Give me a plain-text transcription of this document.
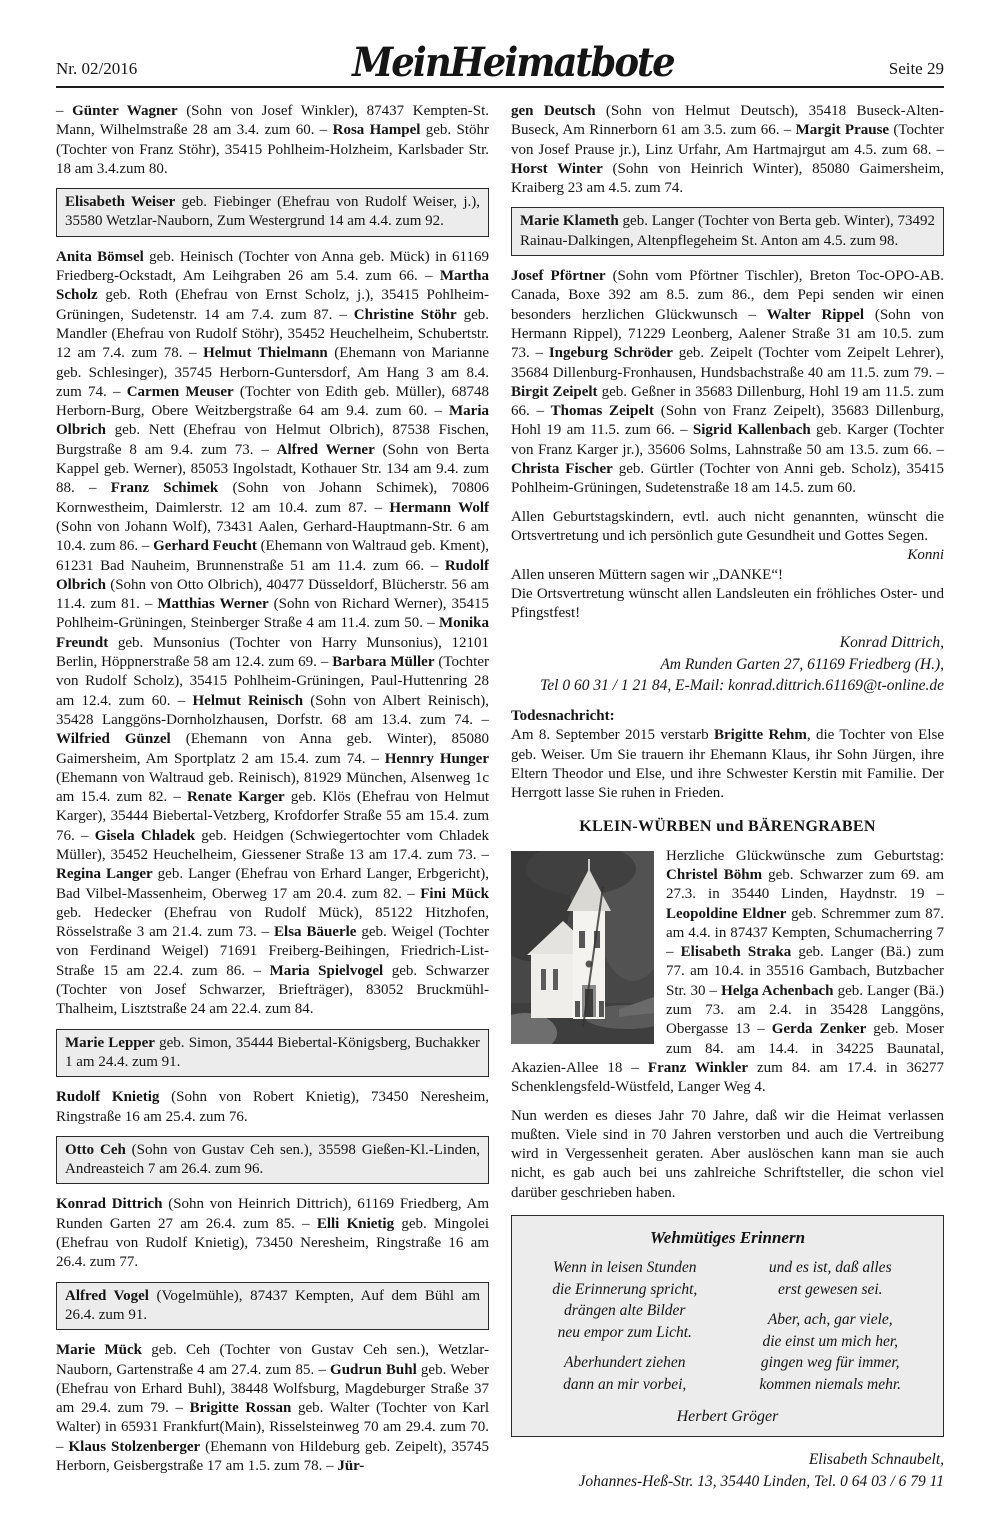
Nr. 02/2016	MeinHeimatbote	Seite 29

– Günter Wagner (Sohn von Josef Winkler), 87437 Kempten-St. Mann, Wilhelmstraße 28 am 3.4. zum 60. – Rosa Hampel geb. Stöhr (Tochter von Franz Stöhr), 35415 Pohlheim-Holzheim, Karlsbader Str. 18 am 3.4.zum 80.

Elisabeth Weiser geb. Fiebinger (Ehefrau von Rudolf Weiser, j.), 35580 Wetzlar-Nauborn, Zum Westergrund 14 am 4.4. zum 92.

Anita Bömsel geb. Heinisch (Tochter von Anna geb. Mück) in 61169 Friedberg-Ockstadt, Am Leihgraben 26 am 5.4. zum 66. – Martha Scholz geb. Roth (Ehefrau von Ernst Scholz, j.), 35415 Pohlheim-Grüningen, Sudetenstr. 14 am 7.4. zum 87. – Christine Stöhr geb. Mandler (Ehefrau von Rudolf Stöhr), 35452 Heuchelheim, Schubertstr. 12 am 7.4. zum 78. – Helmut Thielmann (Ehemann von Marianne geb. Schlesinger), 35745 Herborn-Guntersdorf, Am Hang 3 am 8.4. zum 74. – Carmen Meuser (Tochter von Edith geb. Müller), 68748 Herborn-Burg, Obere Weitzbergstraße 64 am 9.4. zum 60. – Maria Olbrich geb. Nett (Ehefrau von Helmut Olbrich), 87538 Fischen, Burgstraße 8 am 9.4. zum 73. – Alfred Werner (Sohn von Berta Kappel geb. Werner), 85053 Ingolstadt, Kothauer Str. 134 am 9.4. zum 88. – Franz Schimek (Sohn von Johann Schimek), 70806 Kornwestheim, Daimlerstr. 12 am 10.4. zum 87. – Hermann Wolf (Sohn von Johann Wolf), 73431 Aalen, Gerhard-Hauptmann-Str. 6 am 10.4. zum 86. – Gerhard Feucht (Ehemann von Waltraud geb. Kment), 61231 Bad Nauheim, Brunnenstraße 51 am 11.4. zum 66. – Rudolf Olbrich (Sohn von Otto Olbrich), 40477 Düsseldorf, Blücherstr. 56 am 11.4. zum 81. – Matthias Werner (Sohn von Richard Werner), 35415 Pohlheim-Grüningen, Steinberger Straße 4 am 11.4. zum 50. – Monika Freundt geb. Munsonius (Tochter von Harry Munsonius), 12101 Berlin, Höppnerstraße 58 am 12.4. zum 69. – Barbara Müller (Tochter von Rudolf Scholz), 35415 Pohlheim-Grüningen, Paul-Huttenring 28 am 12.4. zum 60. – Helmut Reinisch (Sohn von Albert Reinisch), 35428 Langgöns-Dornholzhausen, Dorfstr. 68 am 13.4. zum 74. – Wilfried Günzel (Ehemann von Anna geb. Winter), 85080 Gaimersheim, Am Sportplatz 2 am 15.4. zum 74. – Hennry Hunger (Ehemann von Waltraud geb. Reinisch), 81929 München, Alsenweg 1c am 15.4. zum 82. – Renate Karger geb. Klös (Ehefrau von Helmut Karger), 35444 Biebertal-Vetzberg, Krofdorfer Straße 55 am 15.4. zum 76. – Gisela Chladek geb. Heidgen (Schwiegertochter vom Chladek Müller), 35452 Heuchelheim, Giessener Straße 13 am 17.4. zum 73. – Regina Langer geb. Langer (Ehefrau von Erhard Langer, Erbgericht), Bad Vilbel-Massenheim, Oberweg 17 am 20.4. zum 82. – Fini Mück geb. Hedecker (Ehefrau von Rudolf Mück), 85122 Hitzhofen, Rösselstraße 3 am 21.4. zum 73. – Elsa Bäuerle geb. Weigel (Tochter von Ferdinand Weigel) 71691 Freiberg-Beihingen, Friedrich-List-Straße 15 am 22.4. zum 86. – Maria Spielvogel geb. Schwarzer (Tochter von Josef Schwarzer, Briefträger), 83052 Bruckmühl-Thalheim, Lisztstraße 24 am 22.4. zum 84.

Marie Lepper geb. Simon, 35444 Biebertal-Königsberg, Buchakker 1 am 24.4. zum 91.

Rudolf Knietig (Sohn von Robert Knietig), 73450 Neresheim, Ringstraße 16 am 25.4. zum 76.

Otto Ceh (Sohn von Gustav Ceh sen.), 35598 Gießen-Kl.-Linden, Andreasteich 7 am 26.4. zum 96.

Konrad Dittrich (Sohn von Heinrich Dittrich), 61169 Friedberg, Am Runden Garten 27 am 26.4. zum 85. – Elli Knietig geb. Mingolei (Ehefrau von Rudolf Knietig), 73450 Neresheim, Ringstraße 16 am 26.4. zum 77.

Alfred Vogel (Vogelmühle), 87437 Kempten, Auf dem Bühl am 26.4. zum 91.

Marie Mück geb. Ceh (Tochter von Gustav Ceh sen.), Wetzlar-Nauborn, Gartenstraße 4 am 27.4. zum 85. – Gudrun Buhl geb. Weber (Ehefrau von Erhard Buhl), 38448 Wolfsburg, Magdeburger Straße 37 am 29.4. zum 79. – Brigitte Rossan geb. Walter (Tochter von Karl Walter) in 65931 Frankfurt(Main), Risselsteinweg 70 am 29.4. zum 70. – Klaus Stolzenberger (Ehemann von Hildeburg geb. Zeipelt), 35745 Herborn, Geisbergstraße 17 am 1.5. zum 78. – Jür-

gen Deutsch (Sohn von Helmut Deutsch), 35418 Buseck-Alten-Buseck, Am Rinnerborn 61 am 3.5. zum 66. – Margit Prause (Tochter von Josef Prause jr.), Linz Urfahr, Am Hartmajrgut am 4.5. zum 68. – Horst Winter (Sohn von Heinrich Winter), 85080 Gaimersheim, Kraiberg 23 am 4.5. zum 74.

Marie Klameth geb. Langer (Tochter von Berta geb. Winter), 73492 Rainau-Dalkingen, Altenpflegeheim St. Anton am 4.5. zum 98.

Josef Pförtner (Sohn vom Pförtner Tischler), Breton Toc-OPO-AB. Canada, Boxe 392 am 8.5. zum 86., dem Pepi senden wir einen besonders herzlichen Glückwunsch – Walter Rippel (Sohn von Hermann Rippel), 71229 Leonberg, Aalener Straße 31 am 10.5. zum 73. – Ingeburg Schröder geb. Zeipelt (Tochter vom Zeipelt Lehrer), 35684 Dillenburg-Fronhausen, Hundsbachstraße 40 am 11.5. zum 79. – Birgit Zeipelt geb. Geßner in 35683 Dillenburg, Hohl 19 am 11.5. zum 66. – Thomas Zeipelt (Sohn von Franz Zeipelt), 35683 Dillenburg, Hohl 19 am 11.5. zum 66. – Sigrid Kallenbach geb. Karger (Tochter von Franz Karger jr.), 35606 Solms, Lahnstraße 50 am 13.5. zum 66. – Christa Fischer geb. Gürtler (Tochter von Anni geb. Scholz), 35415 Pohlheim-Grüningen, Sudetenstraße 18 am 14.5. zum 60.

Allen Geburtstagskindern, evtl. auch nicht genannten, wünscht die Ortsvertretung und ich persönlich gute Gesundheit und Gottes Segen.
Konni

Allen unseren Müttern sagen wir „DANKE“!
Die Ortsvertretung wünscht allen Landsleuten ein fröhliches Oster- und Pfingstfest!

Konrad Dittrich,
Am Runden Garten 27, 61169 Friedberg (H.),
Tel 0 60 31 / 1 21 84, E-Mail: konrad.dittrich.61169@t-online.de

Todesnachricht:
Am 8. September 2015 verstarb Brigitte Rehm, die Tochter von Else geb. Weiser. Um Sie trauern ihr Ehemann Klaus, ihr Sohn Jürgen, ihre Eltern Theodor und Else, und ihre Schwester Kerstin mit Familie. Der Herrgott lasse Sie ruhen in Frieden.

KLEIN-WÜRBEN und BÄRENGRABEN

Herzliche Glückwünsche zum Geburtstag: Christel Böhm geb. Schwarzer zum 69. am 27.3. in 35440 Linden, Haydnstr. 19 – Leopoldine Eldner geb. Schremmer zum 87. am 4.4. in 87437 Kempten, Schumacherring 7 – Elisabeth Straka geb. Langer (Bä.) zum 77. am 10.4. in 35516 Gambach, Butzbacher Str. 30 – Helga Achenbach geb. Langer (Bä.) zum 73. am 2.4. in 35428 Langgöns, Obergasse 13 – Gerda Zenker geb. Moser zum 84. am 14.4. in 34225 Baunatal, Akazien-Allee 18 – Franz Winkler zum 84. am 17.4. in 36277 Schenklengsfeld-Wüstfeld, Langer Weg 4.

Nun werden es dieses Jahr 70 Jahre, daß wir die Heimat verlassen mußten. Viele sind in 70 Jahren verstorben und auch die Vertreibung wird in Vergessenheit geraten. Aber auslöschen kann man sie auch nicht, es gab auch bei uns zahlreiche Schriftsteller, die schon viel darüber geschrieben haben.

Wehmütiges Erinnern
Wenn in leisen Stunden
die Erinnerung spricht,
drängen alte Bilder
neu empor zum Licht.
Aberhundert ziehen
dann an mir vorbei,
und es ist, daß alles
erst gewesen sei.
Aber, ach, gar viele,
die einst um mich her,
gingen weg für immer,
kommen niemals mehr.
Herbert Gröger
Elisabeth Schnaubelt,
Johannes-Heß-Str. 13, 35440 Linden, Tel. 0 64 03 / 6 79 11
